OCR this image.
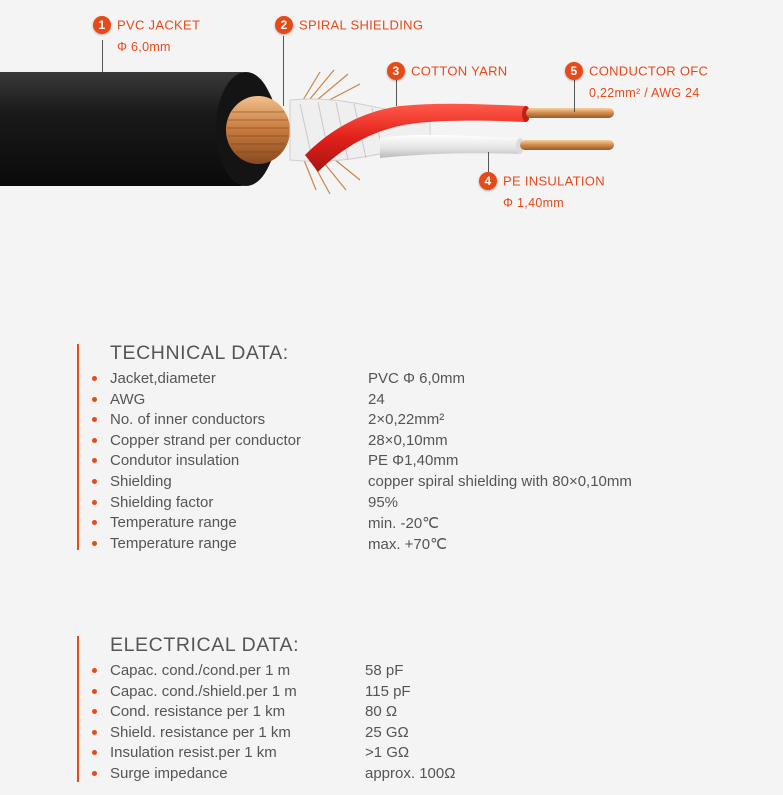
1 PVC JACKET
Φ 6,0mm
2 SPIRAL SHIELDING
3 COTTON YARN
4 PE INSULATION
Φ 1,40mm
5 CONDUCTOR OFC
0,22mm² / AWG 24
TECHNICAL DATA:
Jacket,diameter	PVC Φ 6,0mm
AWG	24
No. of inner conductors	2×0,22mm²
Copper strand per conductor	28×0,10mm
Condutor insulation	PE Φ1,40mm
Shielding	copper spiral shielding with 80×0,10mm
Shielding factor	95%
Temperature range	min. -20℃
Temperature range	max. +70℃
ELECTRICAL DATA:
Capac. cond./cond.per 1 m	58 pF
Capac. cond./shield.per 1 m	115 pF
Cond. resistance per 1 km	80 Ω
Shield. resistance per 1 km	25 GΩ
Insulation resist.per 1 km	>1 GΩ
Surge impedance	approx. 100Ω
